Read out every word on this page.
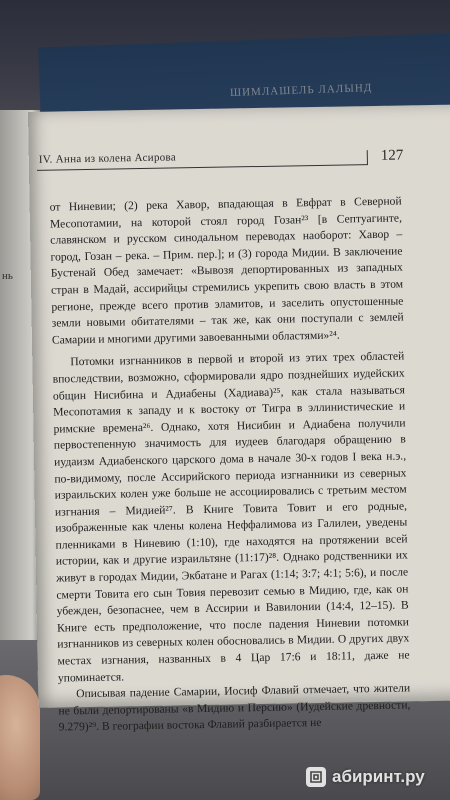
ШИМЛАШЕЛЬ ЛАЛЫНД
нь
IV. Анна из колена Асирова	127

от Ниневии; (2) река Хавор, впадающая в Евфрат в Северной Месопотамии, на которой стоял город Гозан²³ [в Септуагинте, славянском и русском синодальном переводах наоборот: Хавор – город, Гозан – река. – Прим. пер.]; и (3) города Мидии. В заключение Бустенай Обед замечает: «Вывозя депортированных из западных стран в Мадай, ассирийцы стремились укрепить свою власть в этом регионе, прежде всего против эламитов, и заселить опустошенные земли новыми обитателями – так же, как они поступали с землей Самарии и многими другими завоеванными областями»²⁴.

Потомки изгнанников в первой и второй из этих трех областей впоследствии, возможно, сформировали ядро позднейших иудейских общин Нисибина и Адиабены (Хадиава)²⁵, как стала называться Месопотамия к западу и к востоку от Тигра в эллинистические и римские времена²⁶. Однако, хотя Нисибин и Адиабена получили первостепенную значимость для иудеев благодаря обращению в иудаизм Адиабенского царского дома в начале 30-х годов I века н.э., по-видимому, после Ассирийского периода изгнанники из северных израильских колен уже больше не ассоциировались с третьим местом изгнания – Мидией²⁷. В Книге Товита Товит и его родные, изображенные как члены колена Неффалимова из Галилеи, уведены пленниками в Ниневию (1:10), где находятся на протяжении всей истории, как и другие израильтяне (11:17)²⁸. Однако родственники их живут в городах Мидии, Экбатане и Рагах (1:14; 3:7; 4:1; 5:6), и после смерти Товита его сын Товия перевозит семью в Мидию, где, как он убежден, безопаснее, чем в Ассирии и Вавилонии (14:4, 12–15). В Книге есть предположение, что после падения Ниневии потомки изгнанников из северных колен обосновались в Мидии. О других двух местах изгнания, названных в 4 Цар 17:6 и 18:11, даже не упоминается.

Описывая падение Самарии, Иосиф Флавий отмечает, что жители не были депортированы «в Мидию и Персию» (Иудейские древности, 9.279)²⁹. В географии востока Флавий разбирается не

абиринт.ру
